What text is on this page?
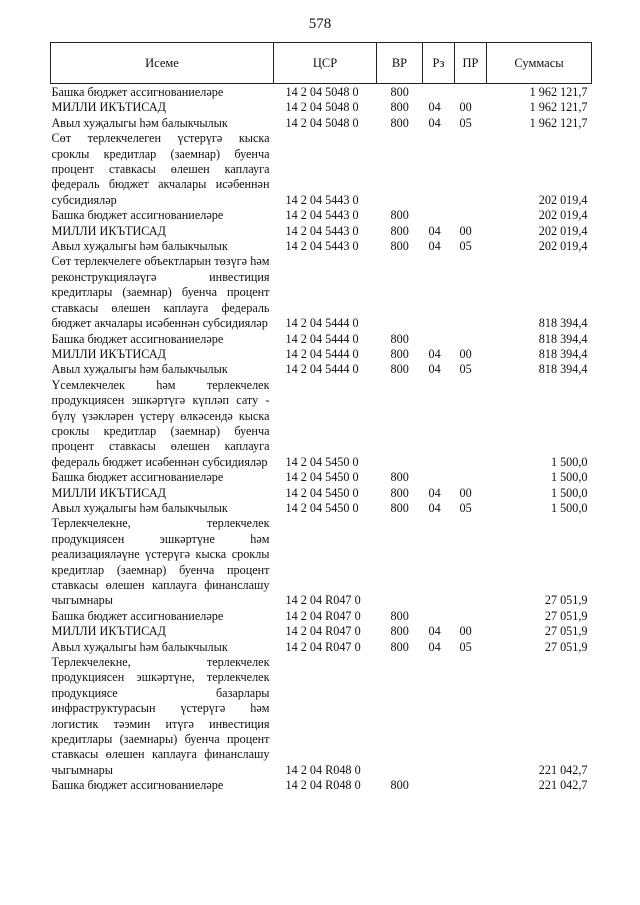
578
Исеме	ЦСР	ВР	Рз	ПР	Суммасы
Башка бюджет ассигнованиеләре	14 2 04 5048 0	800			1 962 121,7
МИЛЛИ ИКЪТИСАД	14 2 04 5048 0	800	04	00	1 962 121,7
Авыл хуҗалыгы һәм балыкчылык	14 2 04 5048 0	800	04	05	1 962 121,7
Сөт терлекчелеген үстерүгә кыска сроклы кредитлар (заемнар) буенча процент ставкасы өлешен каплауга федераль бюджет акчалары исәбеннән субсидияләр	14 2 04 5443 0				202 019,4
Башка бюджет ассигнованиеләре	14 2 04 5443 0	800			202 019,4
МИЛЛИ ИКЪТИСАД	14 2 04 5443 0	800	04	00	202 019,4
Авыл хуҗалыгы һәм балыкчылык	14 2 04 5443 0	800	04	05	202 019,4
Сөт терлекчелеге объектларын төзүгә һәм реконструкцияләүгә инвестиция кредитлары (заемнар) буенча процент ставкасы өлешен каплауга федераль бюджет акчалары исәбеннән субсидияләр	14 2 04 5444 0				818 394,4
Башка бюджет ассигнованиеләре	14 2 04 5444 0	800			818 394,4
МИЛЛИ ИКЪТИСАД	14 2 04 5444 0	800	04	00	818 394,4
Авыл хуҗалыгы һәм балыкчылык	14 2 04 5444 0	800	04	05	818 394,4
Үсемлекчелек һәм терлекчелек продукциясен эшкәртүгә күпләп сату - бүлү үзәкләрен үстерү өлкәсендә кыска сроклы кредитлар (заемнар) буенча процент ставкасы өлешен каплауга федераль бюджет исәбеннән субсидияләр	14 2 04 5450 0				1 500,0
Башка бюджет ассигнованиеләре	14 2 04 5450 0	800			1 500,0
МИЛЛИ ИКЪТИСАД	14 2 04 5450 0	800	04	00	1 500,0
Авыл хуҗалыгы һәм балыкчылык	14 2 04 5450 0	800	04	05	1 500,0
Терлекчелекне, терлекчелек продукциясен эшкәртүне һәм реализацияләүне үстерүгә кыска сроклы кредитлар (заемнар) буенча процент ставкасы өлешен каплауга финанслашу чыгымнары	14 2 04 R047 0				27 051,9
Башка бюджет ассигнованиеләре	14 2 04 R047 0	800			27 051,9
МИЛЛИ ИКЪТИСАД	14 2 04 R047 0	800	04	00	27 051,9
Авыл хуҗалыгы һәм балыкчылык	14 2 04 R047 0	800	04	05	27 051,9
Терлекчелекне, терлекчелек продукциясен эшкәртүне, терлекчелек продукциясе базарлары инфраструктурасын үстерүгә һәм логистик тәэмин итүгә инвестиция кредитлары (заемнары) буенча процент ставкасы өлешен каплауга финанслашу чыгымнары	14 2 04 R048 0				221 042,7
Башка бюджет ассигнованиеләре	14 2 04 R048 0	800			221 042,7
